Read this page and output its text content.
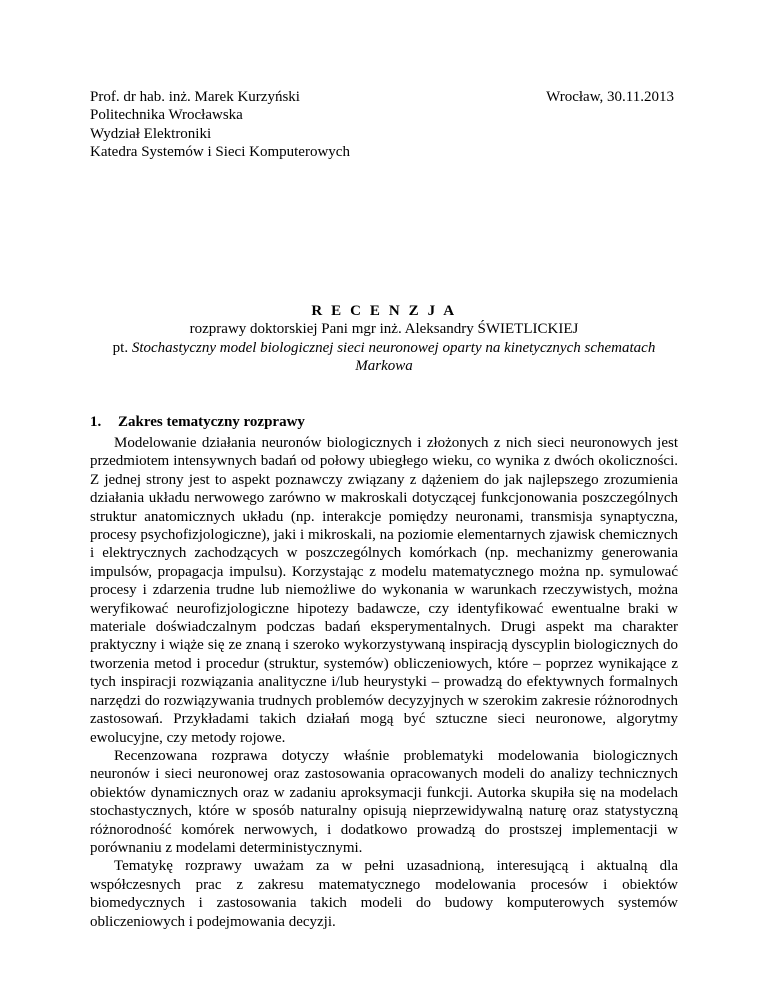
Prof. dr hab. inż. Marek Kurzyński
Politechnika Wrocławska
Wydział Elektroniki
Katedra Systemów i Sieci Komputerowych
Wrocław, 30.11.2013
R E C E N Z J A
rozprawy doktorskiej Pani mgr inż. Aleksandry ŚWIETLICKIEJ
pt. Stochastyczny model biologicznej sieci neuronowej oparty na kinetycznych schematach Markowa
1. Zakres tematyczny rozprawy

Modelowanie działania neuronów biologicznych i złożonych z nich sieci neuronowych jest przedmiotem intensywnych badań od połowy ubiegłego wieku, co wynika z dwóch okoliczności. Z jednej strony jest to aspekt poznawczy związany z dążeniem do jak najlepszego zrozumienia działania układu nerwowego zarówno w makroskali dotyczącej funkcjonowania poszczególnych struktur anatomicznych układu (np. interakcje pomiędzy neuronami, transmisja synaptyczna, procesy psychofizjologiczne), jaki i mikroskali, na poziomie elementarnych zjawisk chemicznych i elektrycznych zachodzących w poszczególnych komórkach (np. mechanizmy generowania impulsów, propagacja impulsu). Korzystając z modelu matematycznego można np. symulować procesy i zdarzenia trudne lub niemożliwe do wykonania w warunkach rzeczywistych, można weryfikować neurofizjologiczne hipotezy badawcze, czy identyfikować ewentualne braki w materiale doświadczalnym podczas badań eksperymentalnych. Drugi aspekt ma charakter praktyczny i wiąże się ze znaną i szeroko wykorzystywaną inspiracją dyscyplin biologicznych do tworzenia metod i procedur (struktur, systemów) obliczeniowych, które – poprzez wynikające z tych inspiracji rozwiązania analityczne i/lub heurystyki – prowadzą do efektywnych formalnych narzędzi do rozwiązywania trudnych problemów decyzyjnych w szerokim zakresie różnorodnych zastosowań. Przykładami takich działań mogą być sztuczne sieci neuronowe, algorytmy ewolucyjne, czy metody rojowe.

Recenzowana rozprawa dotyczy właśnie problematyki modelowania biologicznych neuronów i sieci neuronowej oraz zastosowania opracowanych modeli do analizy technicznych obiektów dynamicznych oraz w zadaniu aproksymacji funkcji. Autorka skupiła się na modelach stochastycznych, które w sposób naturalny opisują nieprzewidywalną naturę oraz statystyczną różnorodność komórek nerwowych, i dodatkowo prowadzą do prostszej implementacji w porównaniu z modelami deterministycznymi.

Tematykę rozprawy uważam za w pełni uzasadnioną, interesującą i aktualną dla współczesnych prac z zakresu matematycznego modelowania procesów i obiektów biomedycznych i zastosowania takich modeli do budowy komputerowych systemów obliczeniowych i podejmowania decyzji.
